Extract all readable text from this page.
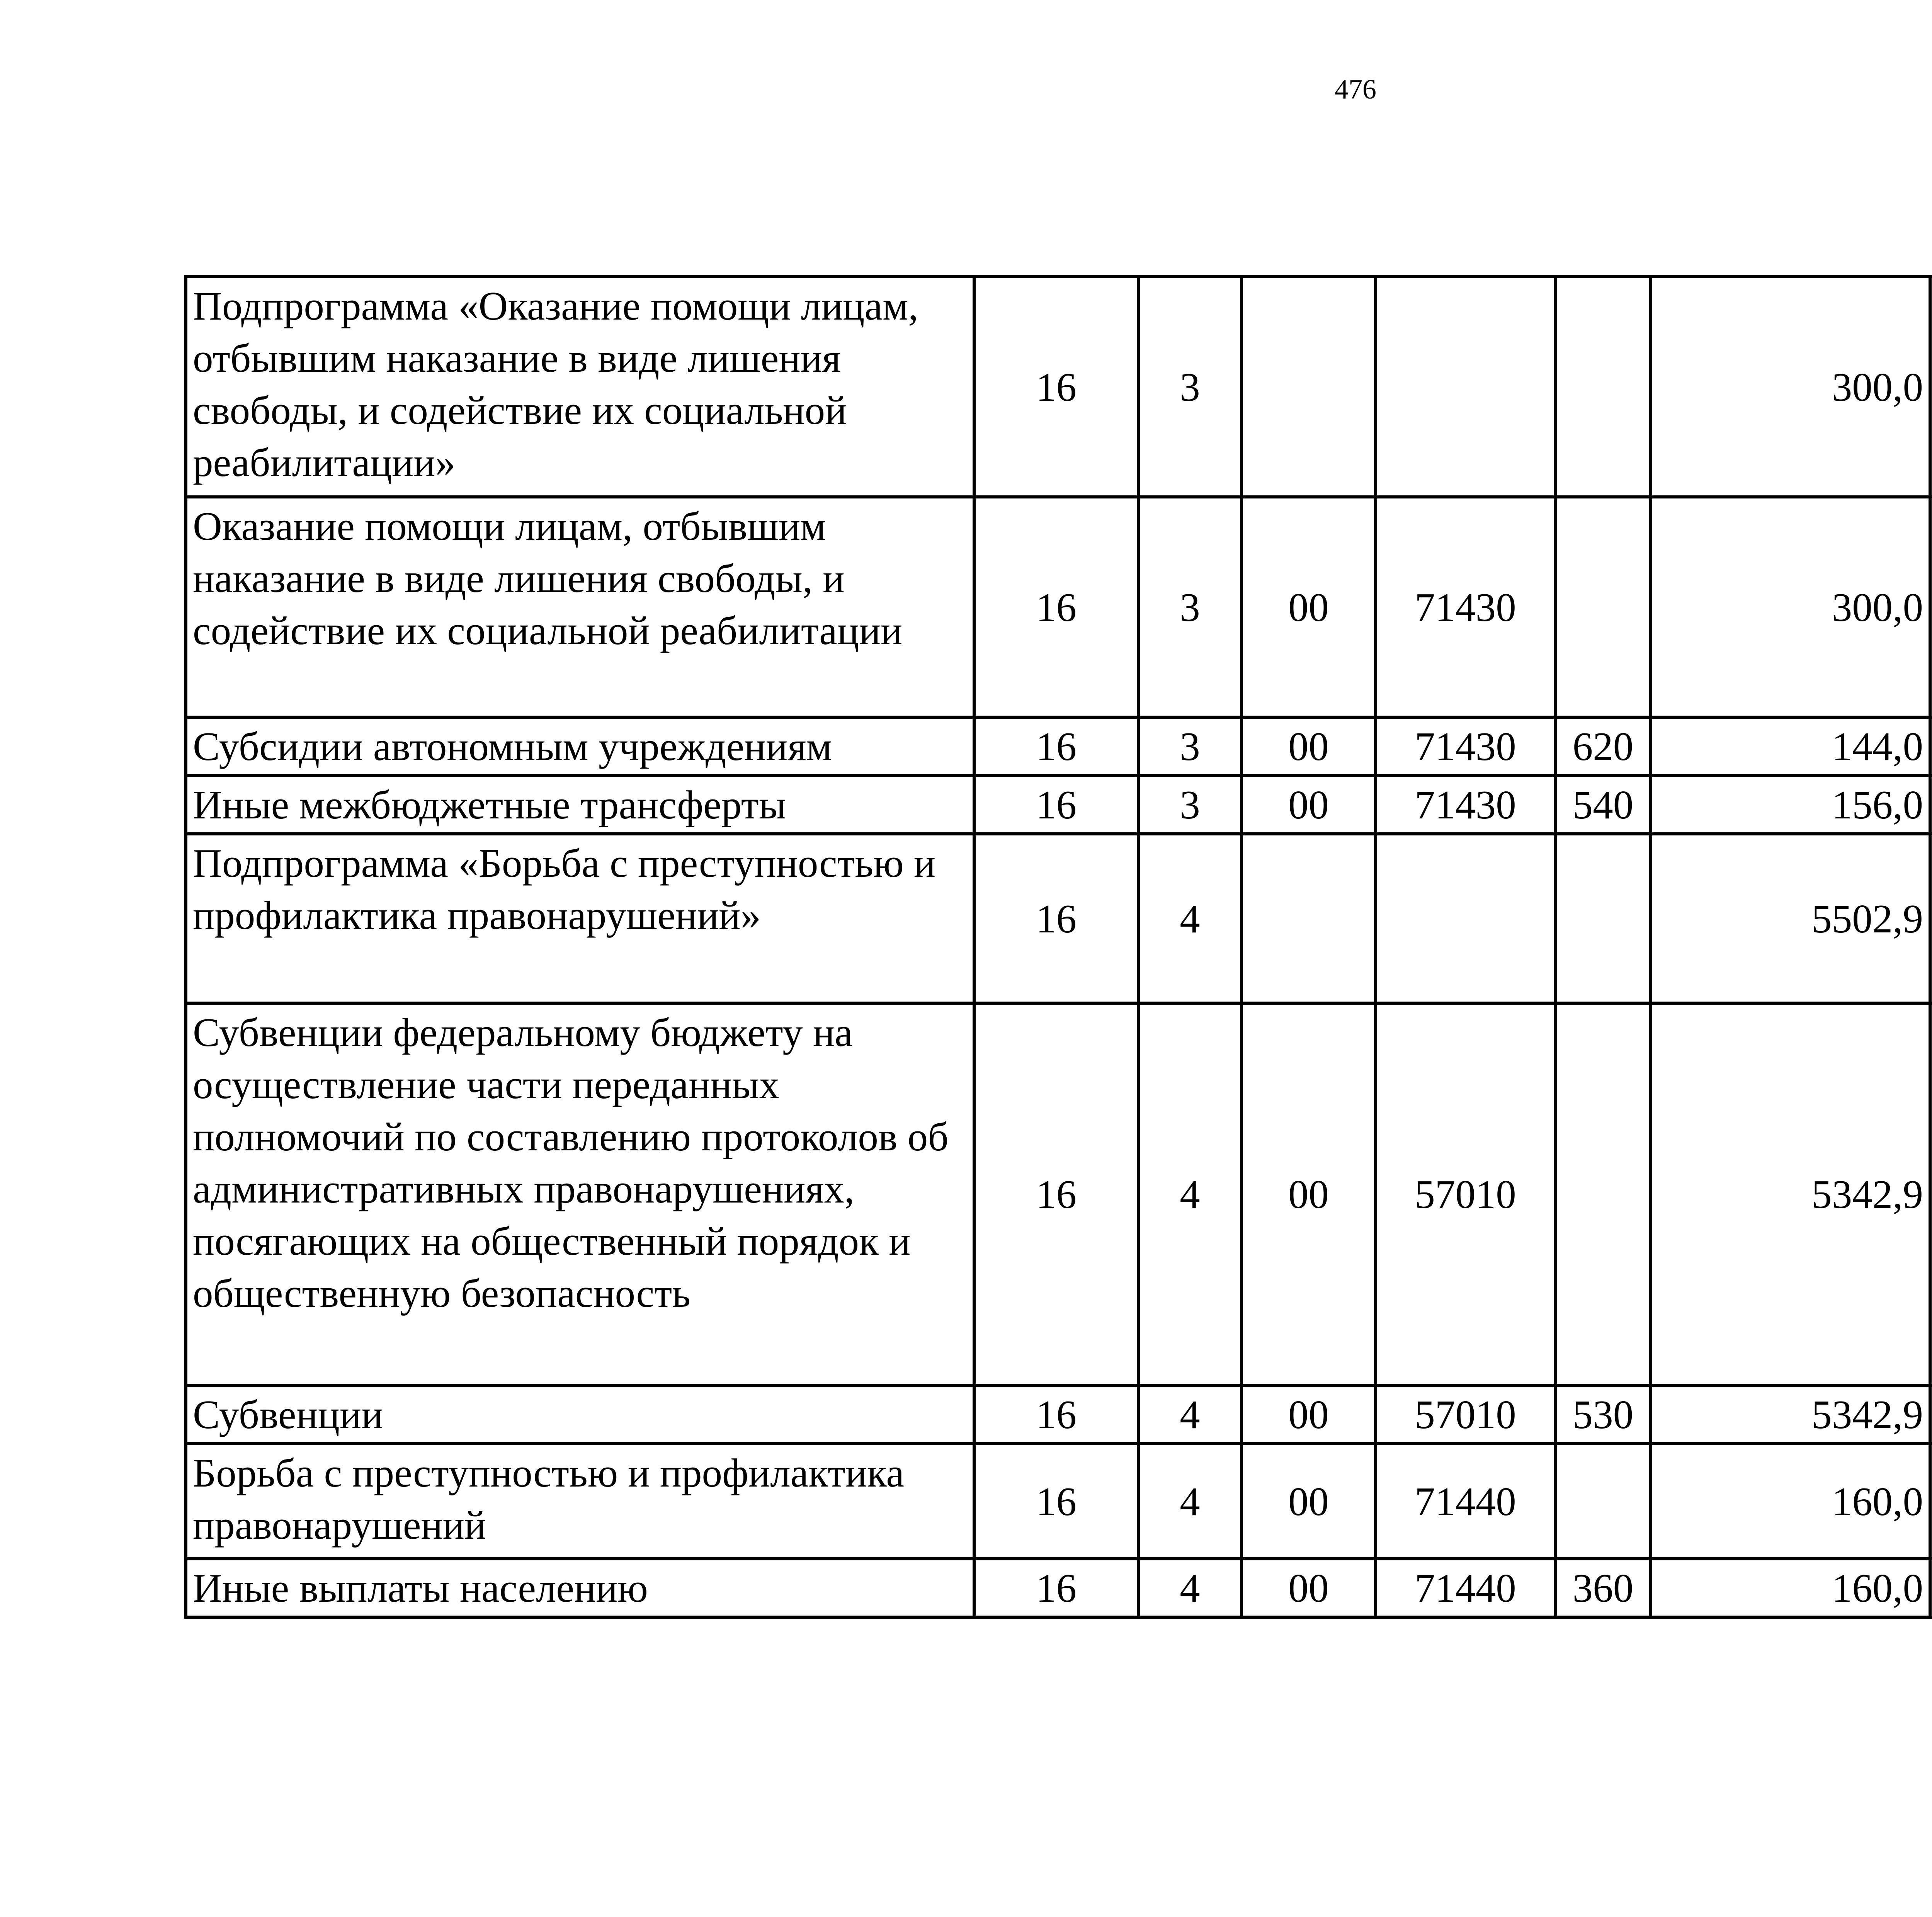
476
Подпрограмма «Оказание помощи лицам, отбывшим наказание в виде лишения свободы, и содействие их социальной реабилитации»	16	3				300,0		
Оказание помощи лицам, отбывшим наказание в виде лишения свободы, и содействие их социальной реабилитации	16	3	00	71430		300,0		
Субсидии автономным учреждениям	16	3	00	71430	620	144,0		
Иные межбюджетные трансферты	16	3	00	71430	540	156,0		
Подпрограмма «Борьба с преступностью и профилактика правонарушений»	16	4				5502,9		
Субвенции федеральному бюджету на осуществление части переданных полномочий по составлению протоколов об административных правонарушениях, посягающих на общественный порядок и общественную безопасность	16	4	00	57010		5342,9		
Субвенции	16	4	00	57010	530	5342,9		
Борьба с преступностью и профилактика правонарушений	16	4	00	71440		160,0		
Иные выплаты населению	16	4	00	71440	360	160,0		
